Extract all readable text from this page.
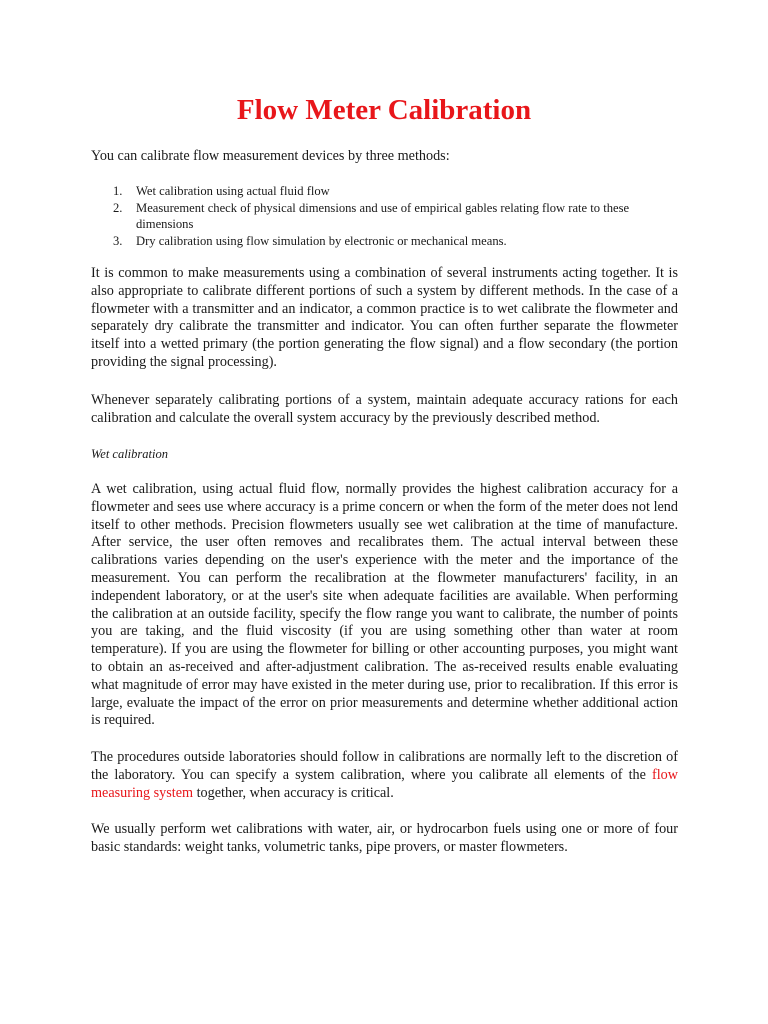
Flow Meter Calibration

You can calibrate flow measurement devices by three methods:

1. Wet calibration using actual fluid flow
2. Measurement check of physical dimensions and use of empirical gables relating flow rate to these dimensions
3. Dry calibration using flow simulation by electronic or mechanical means.

It is common to make measurements using a combination of several instruments acting together. It is also appropriate to calibrate different portions of such a system by different methods. In the case of a flowmeter with a transmitter and an indicator, a common practice is to wet calibrate the flowmeter and separately dry calibrate the transmitter and indicator. You can often further separate the flowmeter itself into a wetted primary (the portion generating the flow signal) and a flow secondary (the portion providing the signal processing).

Whenever separately calibrating portions of a system, maintain adequate accuracy rations for each calibration and calculate the overall system accuracy by the previously described method.

Wet calibration

A wet calibration, using actual fluid flow, normally provides the highest calibration accuracy for a flowmeter and sees use where accuracy is a prime concern or when the form of the meter does not lend itself to other methods. Precision flowmeters usually see wet calibration at the time of manufacture. After service, the user often removes and recalibrates them. The actual interval between these calibrations varies depending on the user's experience with the meter and the importance of the measurement. You can perform the recalibration at the flowmeter manufacturers' facility, in an independent laboratory, or at the user's site when adequate facilities are available. When performing the calibration at an outside facility, specify the flow range you want to calibrate, the number of points you are taking, and the fluid viscosity (if you are using something other than water at room temperature). If you are using the flowmeter for billing or other accounting purposes, you might want to obtain an as-received and after-adjustment calibration. The as-received results enable evaluating what magnitude of error may have existed in the meter during use, prior to recalibration. If this error is large, evaluate the impact of the error on prior measurements and determine whether additional action is required.

The procedures outside laboratories should follow in calibrations are normally left to the discretion of the laboratory. You can specify a system calibration, where you calibrate all elements of the flow measuring system together, when accuracy is critical.

We usually perform wet calibrations with water, air, or hydrocarbon fuels using one or more of four basic standards: weight tanks, volumetric tanks, pipe provers, or master flowmeters.
